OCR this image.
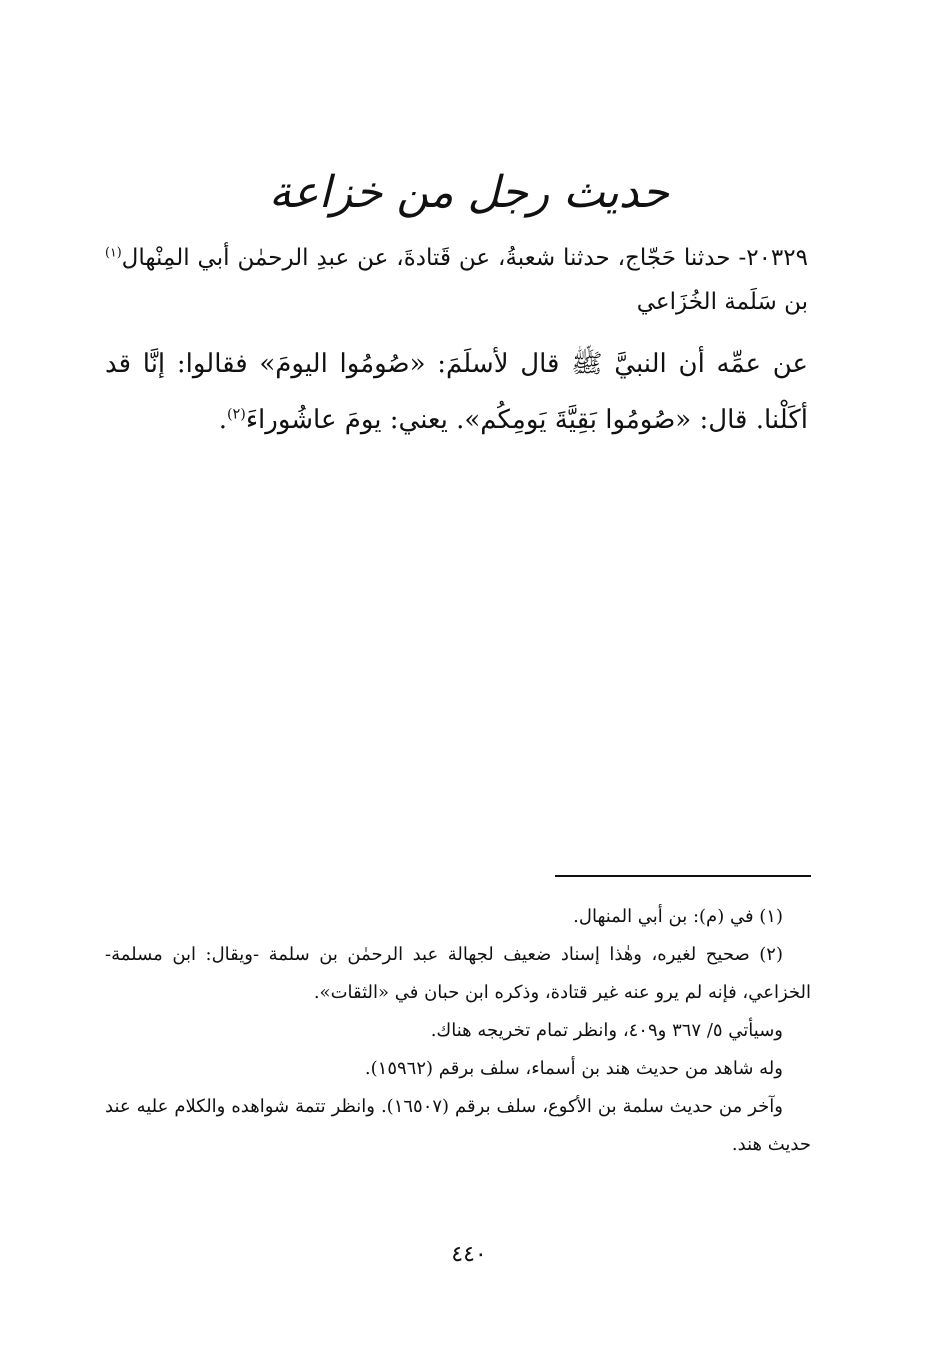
حديث رجل من خزاعة

٢٠٣٢٩- حدثنا حَجّاج، حدثنا شعبةُ، عن قَتادةَ، عن عبدِ الرحمٰن أبي المِنْهال$^{(١)}$ بن سَلَمة الخُزَاعي

عن عمِّه أن النبيَّ ﷺ قال لأسلَمَ: «صُومُوا اليومَ» فقالوا: إنَّا قد أكَلْنا. قال: «صُومُوا بَقِيَّةَ يَومِكُم». يعني: يومَ عاشُوراءَ$^{(٢)}$.

(١) في (م): بن أبي المنهال.

(٢) صحيح لغيره، وهٰذا إسناد ضعيف لجهالة عبد الرحمٰن بن سلمة -ويقال: ابن مسلمة- الخزاعي، فإنه لم يرو عنه غير قتادة، وذكره ابن حبان في «الثقات».

وسيأتي ٥/ ٣٦٧ و٤٠٩، وانظر تمام تخريجه هناك.

وله شاهد من حديث هند بن أسماء، سلف برقم (١٥٩٦٢).

وآخر من حديث سلمة بن الأكوع، سلف برقم (١٦٥٠٧). وانظر تتمة شواهده والكلام عليه عند حديث هند.

٤٤٠
